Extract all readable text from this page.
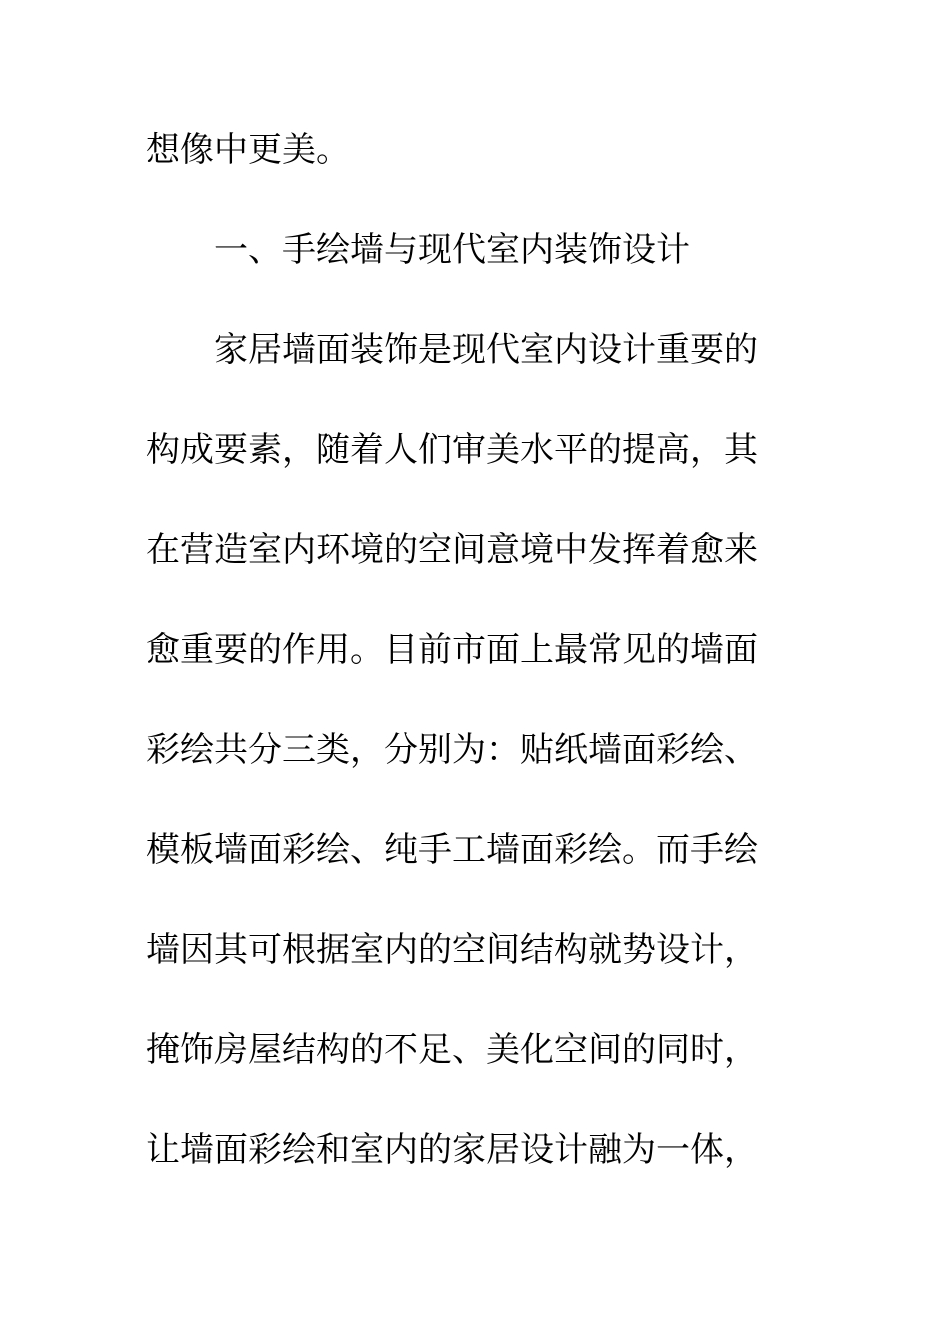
想像中更美。
一、手绘墙与现代室内装饰设计
家居墙面装饰是现代室内设计重要的
构成要素，随着人们审美水平的提高，其
在营造室内环境的空间意境中发挥着愈来
愈重要的作用。目前市面上最常见的墙面
彩绘共分三类，分别为：贴纸墙面彩绘、
模板墙面彩绘、纯手工墙面彩绘。而手绘
墙因其可根据室内的空间结构就势设计，
掩饰房屋结构的不足、美化空间的同时，
让墙面彩绘和室内的家居设计融为一体，
